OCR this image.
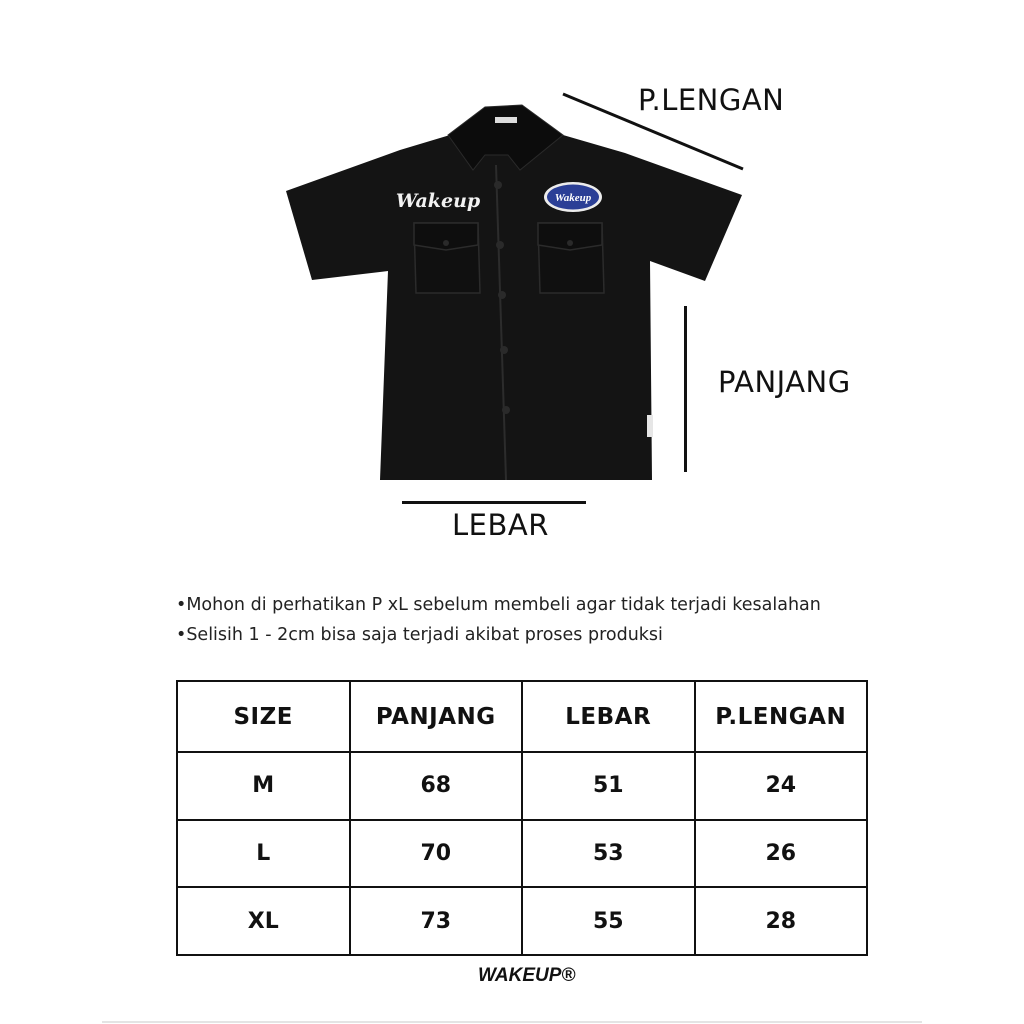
Wakeup	Wakeup
P.LENGAN
PANJANG
LEBAR
•Mohon di perhatikan P xL sebelum membeli agar tidak terjadi kesalahan
•Selisih 1 - 2cm bisa saja terjadi akibat proses produksi
SIZE	PANJANG	LEBAR	P.LENGAN
M	68	51	24
L	70	53	26
XL	73	55	28
WAKEUP®
